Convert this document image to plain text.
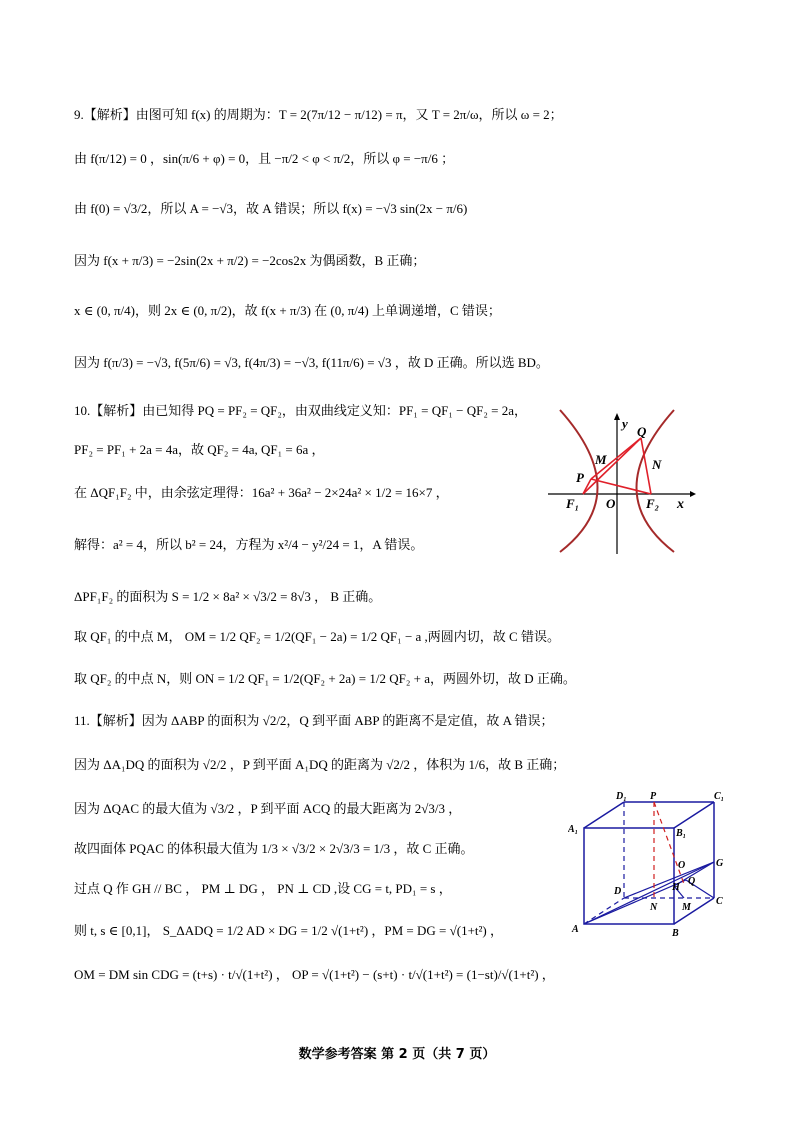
9.【解析】由图可知 f(x) 的周期为：T = 2(7π/12 − π/12) = π，又 T = 2π/ω，所以 ω = 2；
由 f(π/12) = 0 ，sin(π/6 + φ) = 0，且 −π/2 < φ < π/2，所以 φ = −π/6 ；
由 f(0) = √3/2，所以 A = −√3，故 A 错误；所以 f(x) = −√3 sin(2x − π/6)
因为 f(x + π/3) = −2sin(2x + π/2) = −2cos2x 为偶函数，B 正确；
x ∈ (0, π/4)，则 2x ∈ (0, π/2)，故 f(x + π/3) 在 (0, π/4) 上单调递增，C 错误；
因为 f(π/3) = −√3, f(5π/6) = √3, f(4π/3) = −√3, f(11π/6) = √3 ，故 D 正确。所以选 BD。
10.【解析】由已知得 PQ = PF₂ = QF₂，由双曲线定义知：PF₁ = QF₁ − QF₂ = 2a，
PF₂ = PF₁ + 2a = 4a，故 QF₂ = 4a, QF₁ = 6a ，
在 ΔQF₁F₂ 中，由余弦定理得：16a² + 36a² − 2×24a² × 1/2 = 16×7 ，
解得：a² = 4，所以 b² = 24，方程为 x²/4 − y²/24 = 1，A 错误。
ΔPF₁F₂ 的面积为 S = 1/2 × 8a² × √3/2 = 8√3 ， B 正确。
取 QF₁ 的中点 M， OM = 1/2 QF₂ = 1/2(QF₁ − 2a) = 1/2 QF₁ − a ,两圆内切，故 C 错误。
取 QF₂ 的中点 N，则 ON = 1/2 QF₁ = 1/2(QF₂ + 2a) = 1/2 QF₂ + a，两圆外切，故 D 正确。
11.【解析】因为 ΔABP 的面积为 √2/2，Q 到平面 ABP 的距离不是定值，故 A 错误；
因为 ΔA₁DQ 的面积为 √2/2 ，P 到平面 A₁DQ 的距离为 √2/2 ，体积为 1/6，故 B 正确；
因为 ΔQAC 的最大值为 √3/2 ，P 到平面 ACQ 的最大距离为 2√3/3 ，
故四面体 PQAC 的体积最大值为 1/3 × √3/2 × 2√3/3 = 1/3 ，故 C 正确。
过点 Q 作 GH // BC ， PM ⊥ DG ， PN ⊥ CD ,设 CG = t, PD₁ = s ，
则 t, s ∈ [0,1]， S_ΔADQ = 1/2 AD × DG = 1/2 √(1+t²) ，PM = DG = √(1+t²) ，
OM = DM sin CDG = (t+s) · t/√(1+t²) ， OP = √(1+t²) − (s+t) · t/√(1+t²) = (1−st)/√(1+t²) ，
y
x
Q
N
M
P
F₁ O F₂
D₁ P	C₁
A₁	B₁
O	G
Q
D	H
N M
C
A	B
数学参考答案 第 2 页（共 7 页）
